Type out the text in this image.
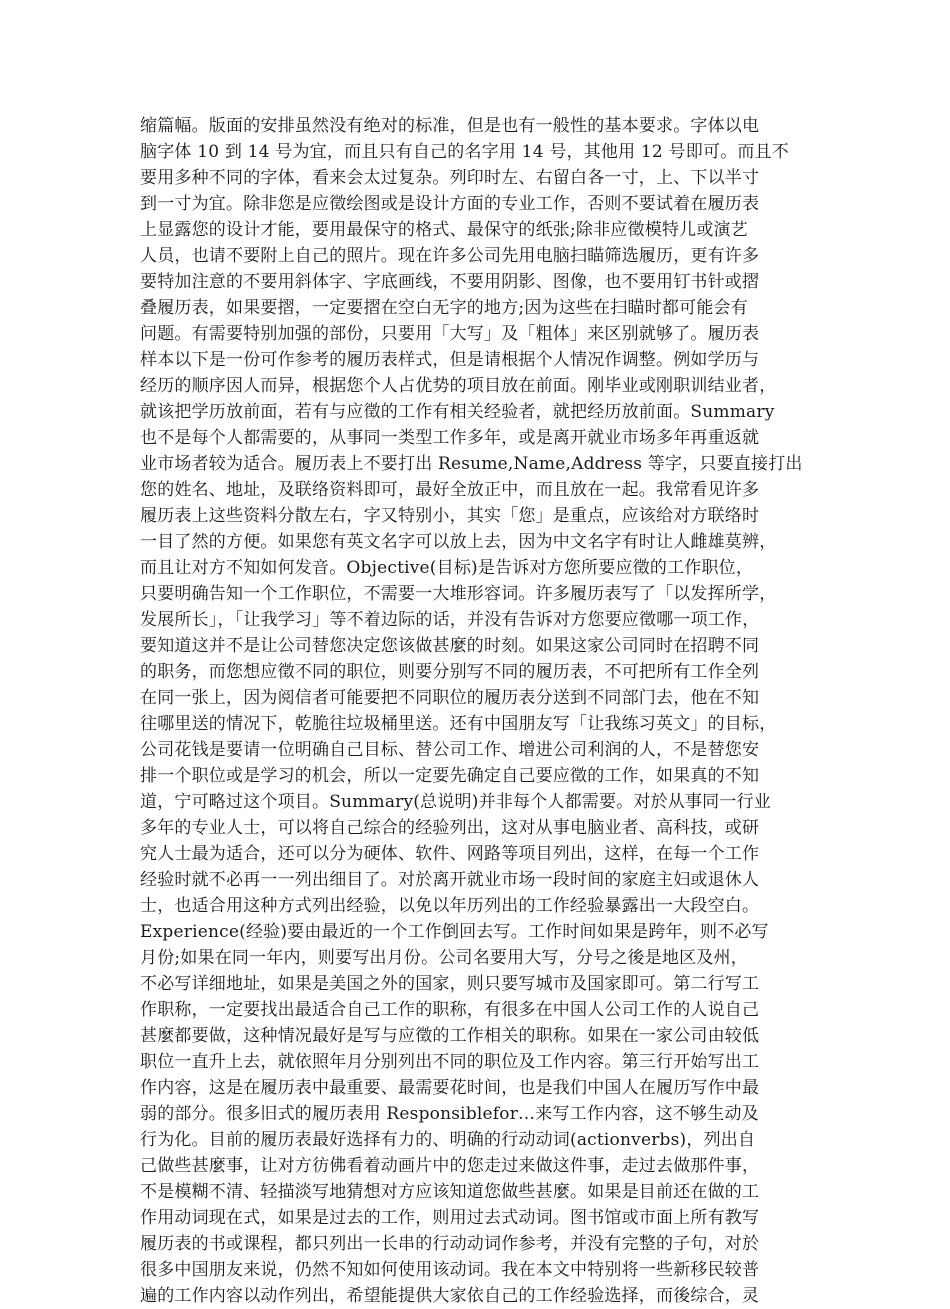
缩篇幅。版面的安排虽然没有绝对的标准，但是也有一般性的基本要求。字体以电
脑字体 10 到 14 号为宜，而且只有自己的名字用 14 号，其他用 12 号即可。而且不
要用多种不同的字体，看来会太过复杂。列印时左、右留白各一寸，上、下以半寸
到一寸为宜。除非您是应徵绘图或是设计方面的专业工作，否则不要试着在履历表
上显露您的设计才能，要用最保守的格式、最保守的纸张;除非应徵模特儿或演艺
人员，也请不要附上自己的照片。现在许多公司先用电脑扫瞄筛选履历，更有许多
要特加注意的不要用斜体字、字底画线，不要用阴影、图像，也不要用钉书针或摺
叠履历表，如果要摺，一定要摺在空白无字的地方;因为这些在扫瞄时都可能会有
问题。有需要特别加强的部份，只要用「大写」及「粗体」来区别就够了。履历表
样本以下是一份可作参考的履历表样式，但是请根据个人情况作调整。例如学历与
经历的顺序因人而异，根据您个人占优势的项目放在前面。刚毕业或刚职训结业者，
就该把学历放前面，若有与应徵的工作有相关经验者，就把经历放前面。Summary
也不是每个人都需要的，从事同一类型工作多年，或是离开就业市场多年再重返就
业市场者较为适合。履历表上不要打出 Resume,Name,Address 等字，只要直接打出
您的姓名、地址，及联络资料即可，最好全放正中，而且放在一起。我常看见许多
履历表上这些资料分散左右，字又特别小，其实「您」是重点，应该给对方联络时
一目了然的方便。如果您有英文名字可以放上去，因为中文名字有时让人雌雄莫辨，
而且让对方不知如何发音。Objective(目标)是告诉对方您所要应徵的工作职位，
只要明确告知一个工作职位，不需要一大堆形容词。许多履历表写了「以发挥所学，
发展所长」，「让我学习」等不着边际的话，并没有告诉对方您要应徵哪一项工作，
要知道这并不是让公司替您决定您该做甚麼的时刻。如果这家公司同时在招聘不同
的职务，而您想应徵不同的职位，则要分别写不同的履历表，不可把所有工作全列
在同一张上，因为阅信者可能要把不同职位的履历表分送到不同部门去，他在不知
往哪里送的情况下，乾脆往垃圾桶里送。还有中国朋友写「让我练习英文」的目标，
公司花钱是要请一位明确自己目标、替公司工作、增进公司利润的人，不是替您安
排一个职位或是学习的机会，所以一定要先确定自己要应徵的工作，如果真的不知
道，宁可略过这个项目。Summary(总说明)并非每个人都需要。对於从事同一行业
多年的专业人士，可以将自己综合的经验列出，这对从事电脑业者、高科技，或研
究人士最为适合，还可以分为硬体、软件、网路等项目列出，这样，在每一个工作
经验时就不必再一一列出细目了。对於离开就业市场一段时间的家庭主妇或退休人
士，也适合用这种方式列出经验，以免以年历列出的工作经验暴露出一大段空白。
Experience(经验)要由最近的一个工作倒回去写。工作时间如果是跨年，则不必写
月份;如果在同一年内，则要写出月份。公司名要用大写，分号之後是地区及州，
不必写详细地址，如果是美国之外的国家，则只要写城市及国家即可。第二行写工
作职称，一定要找出最适合自己工作的职称，有很多在中国人公司工作的人说自己
甚麼都要做，这种情况最好是写与应徵的工作相关的职称。如果在一家公司由较低
职位一直升上去，就依照年月分别列出不同的职位及工作内容。第三行开始写出工
作内容，这是在履历表中最重要、最需要花时间，也是我们中国人在履历写作中最
弱的部分。很多旧式的履历表用 Responsiblefor…来写工作内容，这不够生动及
行为化。目前的履历表最好选择有力的、明确的行动动词(actionverbs)，列出自
己做些甚麼事，让对方彷佛看着动画片中的您走过来做这件事，走过去做那件事，
不是模糊不清、轻描淡写地猜想对方应该知道您做些甚麼。如果是目前还在做的工
作用动词现在式，如果是过去的工作，则用过去式动词。图书馆或市面上所有教写
履历表的书或课程，都只列出一长串的行动动词作参考，并没有完整的子句，对於
很多中国朋友来说，仍然不知如何使用该动词。我在本文中特别将一些新移民较普
遍的工作内容以动作列出，希望能提供大家依自己的工作经验选择，而後综合，灵
